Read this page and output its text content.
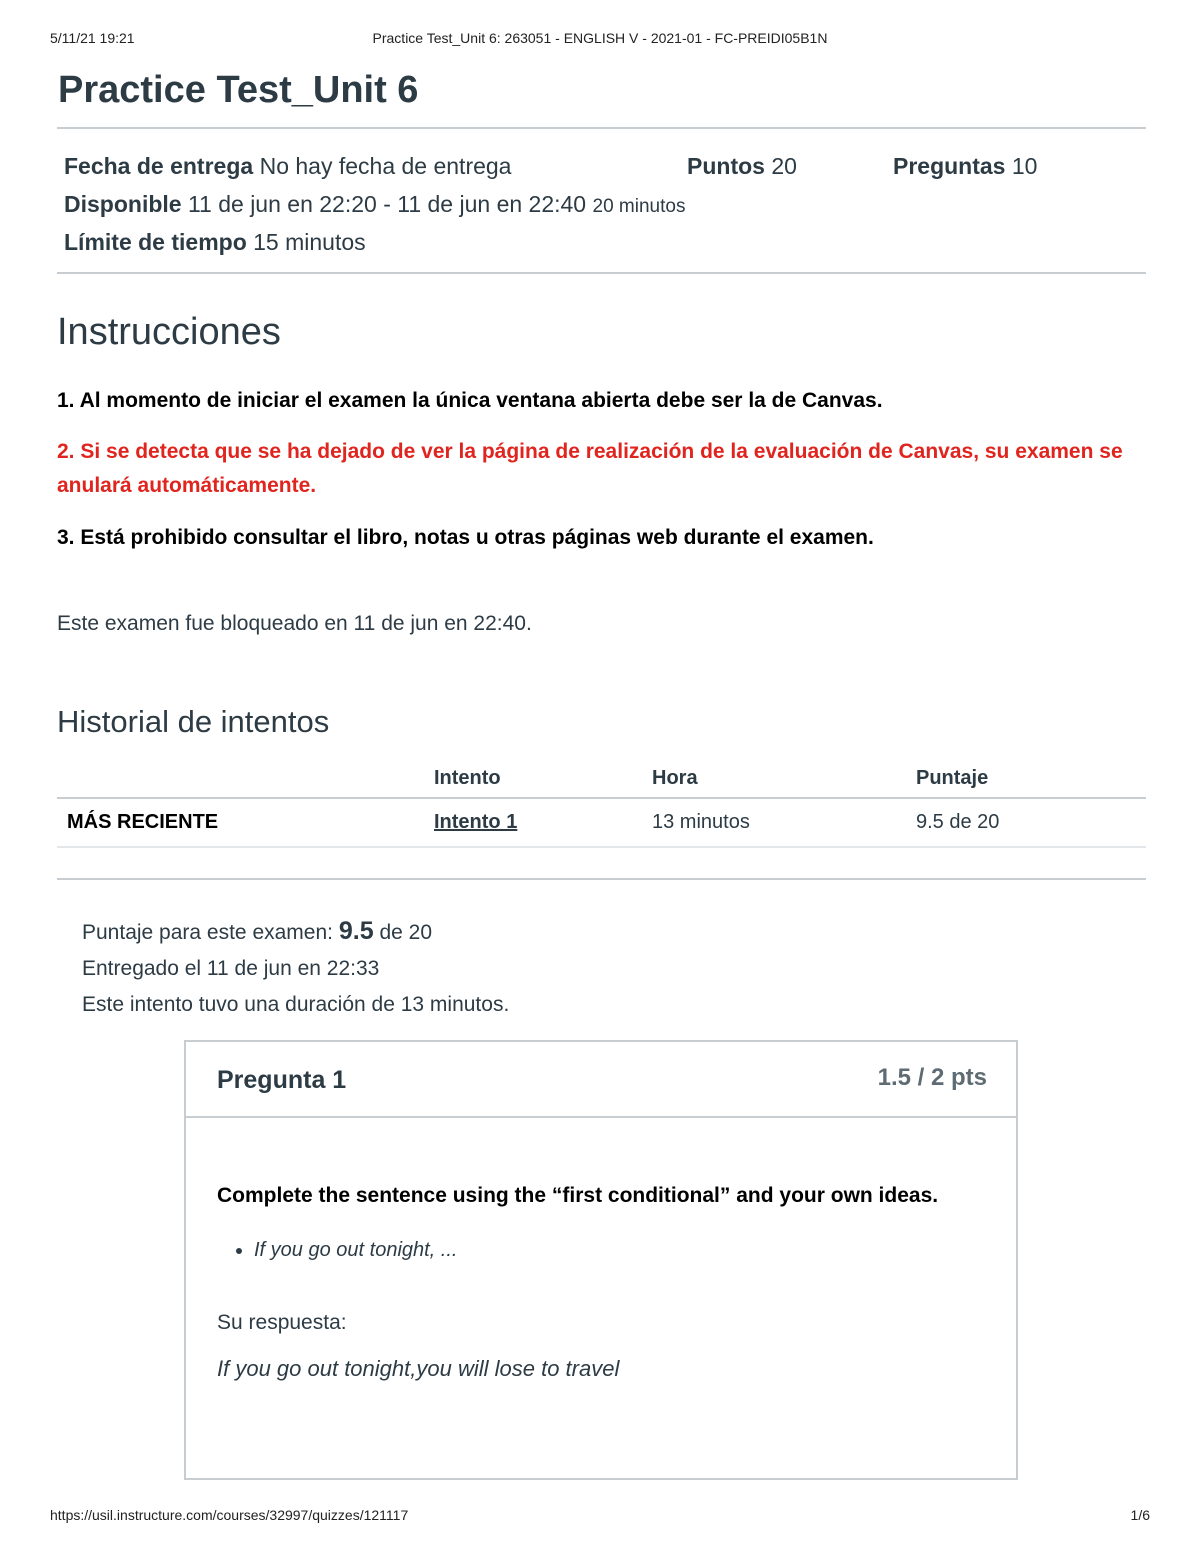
5/11/21 19:21	Practice Test_Unit 6: 263051 - ENGLISH V - 2021-01 - FC-PREIDI05B1N
Practice Test_Unit 6
Fecha de entrega No hay fecha de entrega	Puntos 20	Preguntas 10
Disponible 11 de jun en 22:20 - 11 de jun en 22:40 20 minutos
Límite de tiempo 15 minutos
Instrucciones

1. Al momento de iniciar el examen la única ventana abierta debe ser la de Canvas.

2. Si se detecta que se ha dejado de ver la página de realización de la evaluación de Canvas, su examen se anulará automáticamente.

3. Está prohibido consultar el libro, notas u otras páginas web durante el examen.

Este examen fue bloqueado en 11 de jun en 22:40.

Historial de intentos
	Intento	Hora	Puntaje
MÁS RECIENTE	Intento 1	13 minutos	9.5 de 20
Puntaje para este examen: 9.5 de 20
Entregado el 11 de jun en 22:33
Este intento tuvo una duración de 13 minutos.
Pregunta 1	1.5 / 2 pts

Complete the sentence using the “first conditional” and your own ideas.

• If you go out tonight, ...

Su respuesta:

If you go out tonight,you will lose to travel

https://usil.instructure.com/courses/32997/quizzes/121117	1/6
